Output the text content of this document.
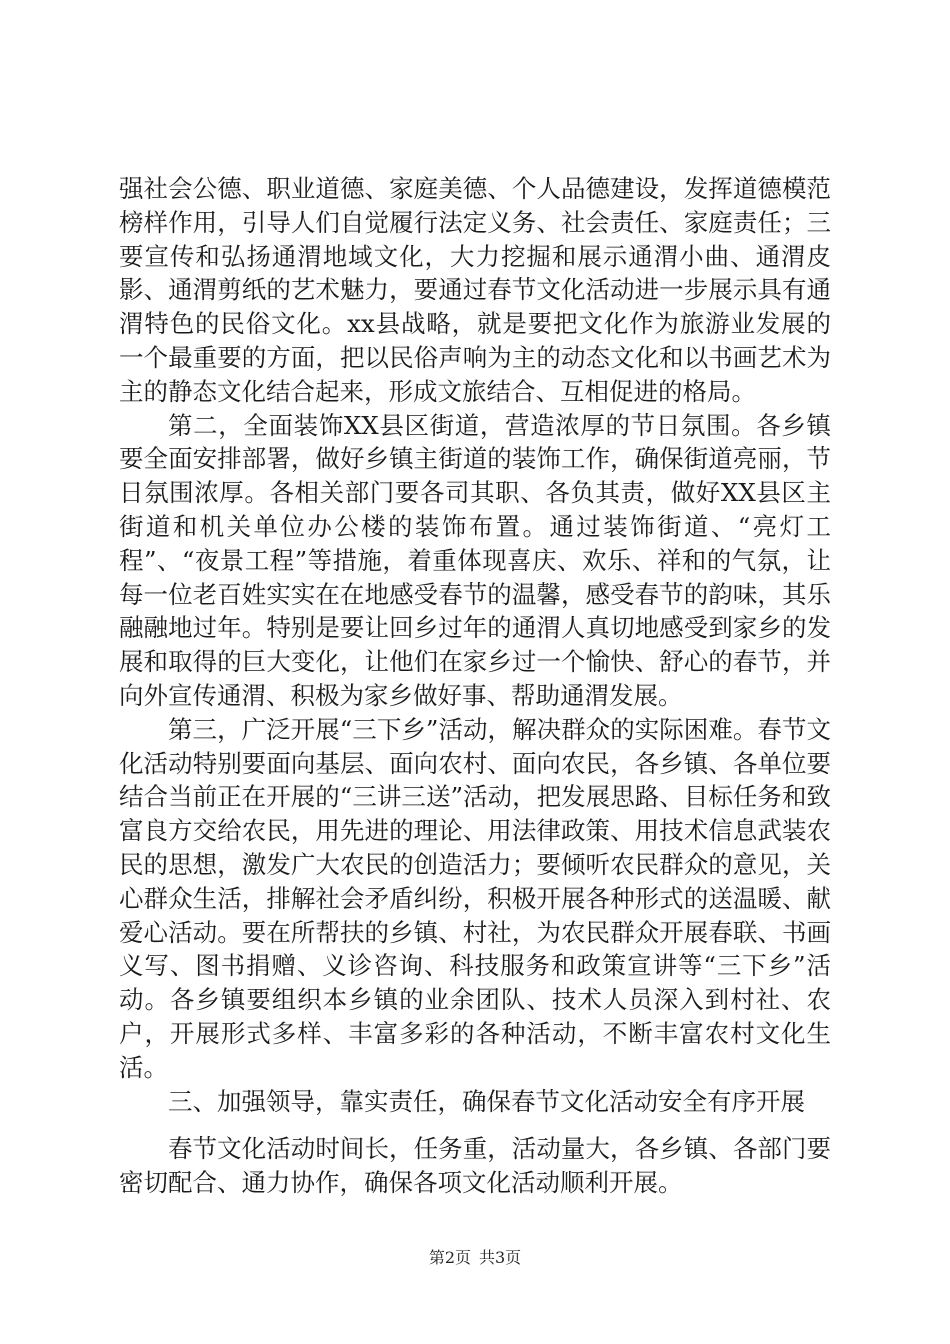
强社会公德、职业道德、家庭美德、个人品德建设，发挥道德模范榜样作用，引导人们自觉履行法定义务、社会责任、家庭责任；三要宣传和弘扬通渭地域文化，大力挖掘和展示通渭小曲、通渭皮影、通渭剪纸的艺术魅力，要通过春节文化活动进一步展示具有通渭特色的民俗文化。xx县战略，就是要把文化作为旅游业发展的一个最重要的方面，把以民俗声响为主的动态文化和以书画艺术为主的静态文化结合起来，形成文旅结合、互相促进的格局。

第二，全面装饰XX县区街道，营造浓厚的节日氛围。各乡镇要全面安排部署，做好乡镇主街道的装饰工作，确保街道亮丽，节日氛围浓厚。各相关部门要各司其职、各负其责，做好XX县区主街道和机关单位办公楼的装饰布置。通过装饰街道、“亮灯工程”、“夜景工程”等措施，着重体现喜庆、欢乐、祥和的气氛，让每一位老百姓实实在在地感受春节的温馨，感受春节的韵味，其乐融融地过年。特别是要让回乡过年的通渭人真切地感受到家乡的发展和取得的巨大变化，让他们在家乡过一个愉快、舒心的春节，并向外宣传通渭、积极为家乡做好事、帮助通渭发展。

第三，广泛开展“三下乡”活动，解决群众的实际困难。春节文化活动特别要面向基层、面向农村、面向农民，各乡镇、各单位要结合当前正在开展的“三讲三送”活动，把发展思路、目标任务和致富良方交给农民，用先进的理论、用法律政策、用技术信息武装农民的思想，激发广大农民的创造活力；要倾听农民群众的意见，关心群众生活，排解社会矛盾纠纷，积极开展各种形式的送温暖、献爱心活动。要在所帮扶的乡镇、村社，为农民群众开展春联、书画义写、图书捐赠、义诊咨询、科技服务和政策宣讲等“三下乡”活动。各乡镇要组织本乡镇的业余团队、技术人员深入到村社、农户，开展形式多样、丰富多彩的各种活动，不断丰富农村文化生活。

三、加强领导，靠实责任，确保春节文化活动安全有序开展

春节文化活动时间长，任务重，活动量大，各乡镇、各部门要密切配合、通力协作，确保各项文化活动顺利开展。

第2页 共3页
